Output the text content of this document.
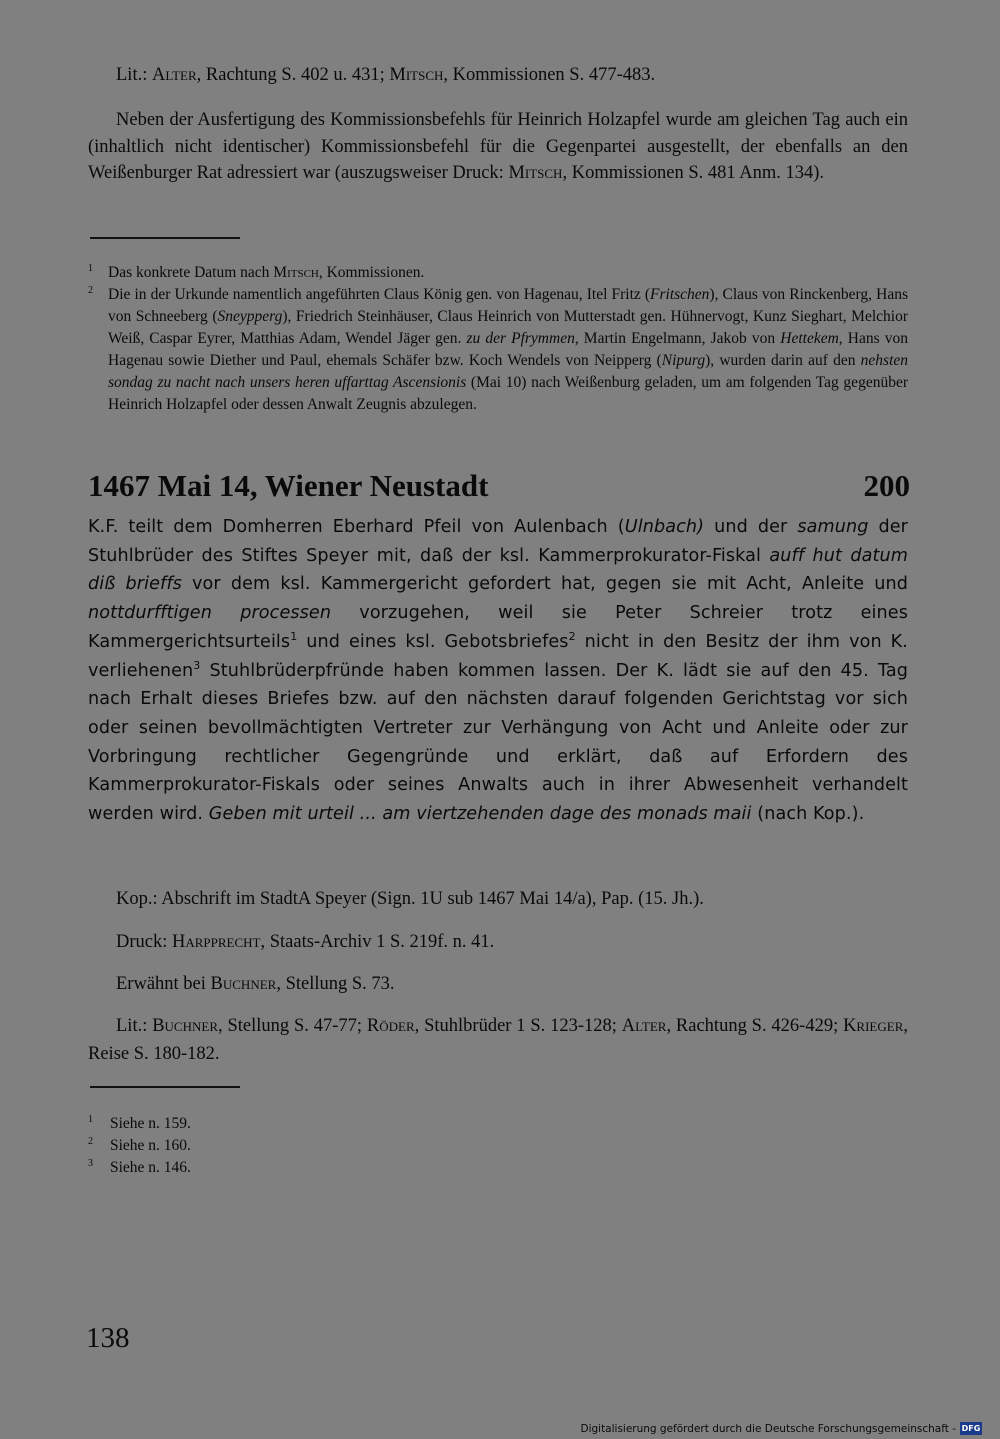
Lit.: Alter, Rachtung S. 402 u. 431; Mitsch, Kommissionen S. 477-483.
Neben der Ausfertigung des Kommissionsbefehls für Heinrich Holzapfel wurde am gleichen Tag auch ein (inhaltlich nicht identischer) Kommissionsbefehl für die Gegenpartei ausgestellt, der ebenfalls an den Weißenburger Rat adressiert war (auszugsweiser Druck: Mitsch, Kommissionen S. 481 Anm. 134).
1 Das konkrete Datum nach Mitsch, Kommissionen.
2 Die in der Urkunde namentlich angeführten Claus König gen. von Hagenau, Itel Fritz (Fritschen), Claus von Rinckenberg, Hans von Schneeberg (Sneypperg), Friedrich Steinhäuser, Claus Heinrich von Mutterstadt gen. Hühnervogt, Kunz Sieghart, Melchior Weiß, Caspar Eyrer, Matthias Adam, Wendel Jäger gen. zu der Pfrymmen, Martin Engelmann, Jakob von Hettekem, Hans von Hagenau sowie Diether und Paul, ehemals Schäfer bzw. Koch Wendels von Neipperg (Nipurg), wurden darin auf den nehsten sondag zu nacht nach unsers heren uffarttag Ascensionis (Mai 10) nach Weißenburg geladen, um am folgenden Tag gegenüber Heinrich Holzapfel oder dessen Anwalt Zeugnis abzulegen.
1467 Mai 14, Wiener Neustadt	200
K.F. teilt dem Domherren Eberhard Pfeil von Aulenbach (Ulnbach) und der samung der Stuhlbrüder des Stiftes Speyer mit, daß der ksl. Kammerprokurator-Fiskal auff hut datum diß brieffs vor dem ksl. Kammergericht gefordert hat, gegen sie mit Acht, Anleite und nottdurfftigen processen vorzugehen, weil sie Peter Schreier trotz eines Kammergerichtsurteils$^1$ und eines ksl. Gebotsbriefes$^2$ nicht in den Besitz der ihm von K. verliehenen$^3$ Stuhlbrüderpfründe haben kommen lassen. Der K. lädt sie auf den 45. Tag nach Erhalt dieses Briefes bzw. auf den nächsten darauf folgenden Gerichtstag vor sich oder seinen bevollmächtigten Vertreter zur Verhängung von Acht und Anleite oder zur Vorbringung rechtlicher Gegengründe und erklärt, daß auf Erfordern des Kammerprokurator-Fiskals oder seines Anwalts auch in ihrer Abwesenheit verhandelt werden wird. Geben mit urteil ... am viertzehenden dage des monads maii (nach Kop.).
Kop.: Abschrift im StadtA Speyer (Sign. 1U sub 1467 Mai 14/a), Pap. (15. Jh.).
Druck: Harpprecht, Staats-Archiv 1 S. 219f. n. 41.
Erwähnt bei Buchner, Stellung S. 73.
Lit.: Buchner, Stellung S. 47-77; Röder, Stuhlbrüder 1 S. 123-128; Alter, Rachtung S. 426-429; Krieger, Reise S. 180-182.
1 Siehe n. 159.
2 Siehe n. 160.
3 Siehe n. 146.
138
Digitalisierung gefördert durch die Deutsche Forschungsgemeinschaft - DFG
